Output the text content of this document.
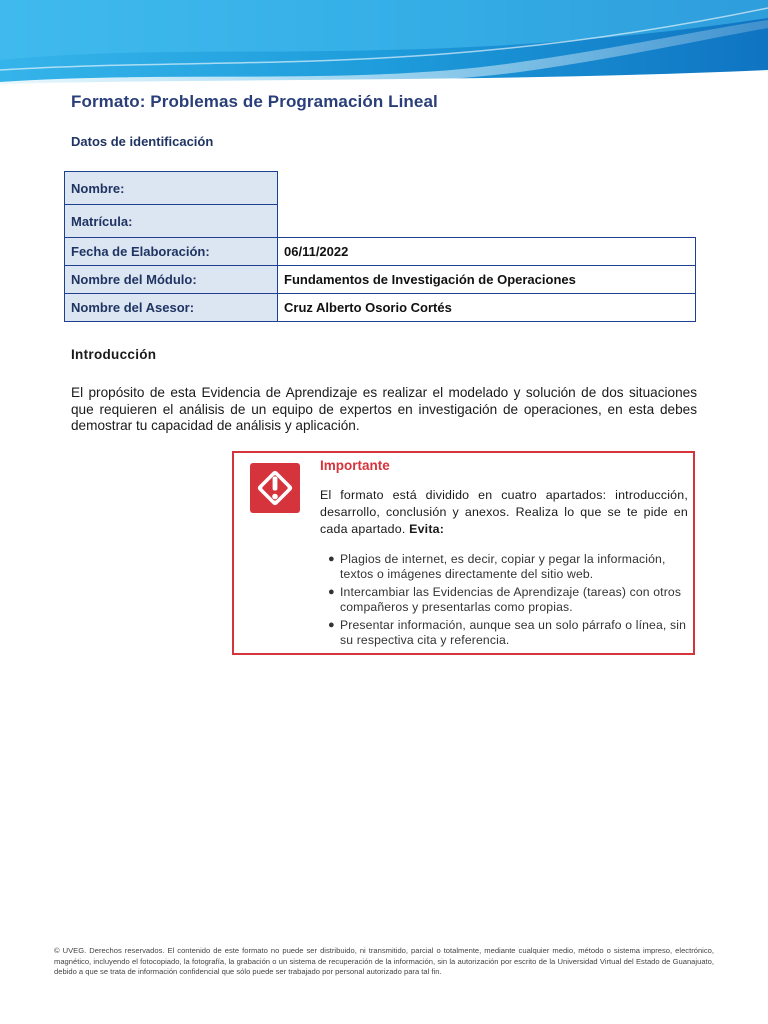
Formato: Problemas de Programación Lineal
Datos de identificación
Nombre:	
Matrícula:	
Fecha de Elaboración:	06/11/2022
Nombre del Módulo:	Fundamentos de Investigación de Operaciones
Nombre del Asesor:	Cruz Alberto Osorio Cortés
Introducción

El propósito de esta Evidencia de Aprendizaje es realizar el modelado y solución de dos situaciones que requieren el análisis de un equipo de expertos en investigación de operaciones, en esta debes demostrar tu capacidad de análisis y aplicación.

Importante

El formato está dividido en cuatro apartados: introducción, desarrollo, conclusión y anexos. Realiza lo que se te pide en cada apartado. Evita:

● Plagios de internet, es decir, copiar y pegar la información, textos o imágenes directamente del sitio web.
● Intercambiar las Evidencias de Aprendizaje (tareas) con otros compañeros y presentarlas como propias.
● Presentar información, aunque sea un solo párrafo o línea, sin su respectiva cita y referencia.

© UVEG. Derechos reservados. El contenido de este formato no puede ser distribuido, ni transmitido, parcial o totalmente, mediante cualquier medio, método o sistema impreso, electrónico, magnético, incluyendo el fotocopiado, la fotografía, la grabación o un sistema de recuperación de la información, sin la autorización por escrito de la Universidad Virtual del Estado de Guanajuato, debido a que se trata de información confidencial que sólo puede ser trabajado por personal autorizado para tal fin.
